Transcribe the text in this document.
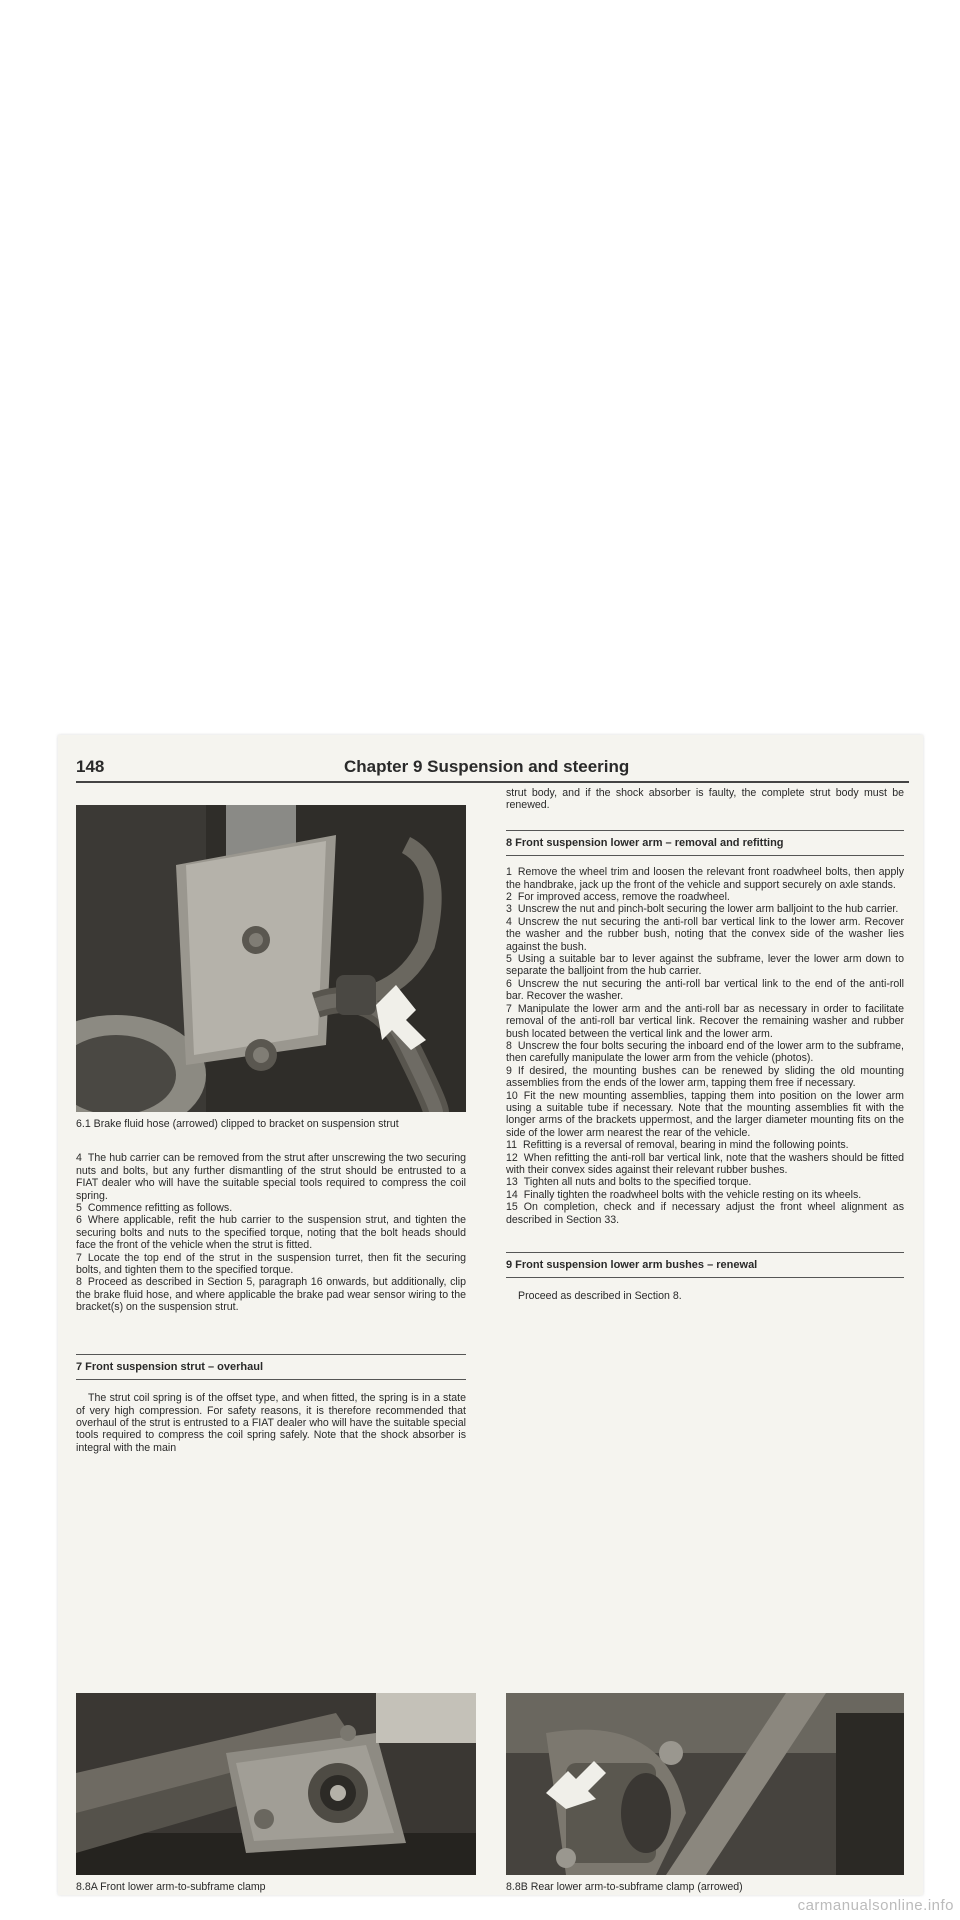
148	Chapter 9 Suspension and steering
6.1 Brake fluid hose (arrowed) clipped to bracket on suspension strut

4 The hub carrier can be removed from the strut after unscrewing the two securing nuts and bolts, but any further dismantling of the strut should be entrusted to a FIAT dealer who will have the suitable special tools required to compress the coil spring.

5 Commence refitting as follows.

6 Where applicable, refit the hub carrier to the suspension strut, and tighten the securing bolts and nuts to the specified torque, noting that the bolt heads should face the front of the vehicle when the strut is fitted.

7 Locate the top end of the strut in the suspension turret, then fit the securing bolts, and tighten them to the specified torque.

8 Proceed as described in Section 5, paragraph 16 onwards, but additionally, clip the brake fluid hose, and where applicable the brake pad wear sensor wiring to the bracket(s) on the suspension strut.

7 Front suspension strut – overhaul

The strut coil spring is of the offset type, and when fitted, the spring is in a state of very high compression. For safety reasons, it is therefore recommended that overhaul of the strut is entrusted to a FIAT dealer who will have the suitable special tools required to compress the coil spring safely. Note that the shock absorber is integral with the main

strut body, and if the shock absorber is faulty, the complete strut body must be renewed.

8 Front suspension lower arm – removal and refitting

1 Remove the wheel trim and loosen the relevant front roadwheel bolts, then apply the handbrake, jack up the front of the vehicle and support securely on axle stands.

2 For improved access, remove the roadwheel.

3 Unscrew the nut and pinch-bolt securing the lower arm balljoint to the hub carrier.

4 Unscrew the nut securing the anti-roll bar vertical link to the lower arm. Recover the washer and the rubber bush, noting that the convex side of the washer lies against the bush.

5 Using a suitable bar to lever against the subframe, lever the lower arm down to separate the balljoint from the hub carrier.

6 Unscrew the nut securing the anti-roll bar vertical link to the end of the anti-roll bar. Recover the washer.

7 Manipulate the lower arm and the anti-roll bar as necessary in order to facilitate removal of the anti-roll bar vertical link. Recover the remaining washer and rubber bush located between the vertical link and the lower arm.

8 Unscrew the four bolts securing the inboard end of the lower arm to the subframe, then carefully manipulate the lower arm from the vehicle (photos).

9 If desired, the mounting bushes can be renewed by sliding the old mounting assemblies from the ends of the lower arm, tapping them free if necessary.

10 Fit the new mounting assemblies, tapping them into position on the lower arm using a suitable tube if necessary. Note that the mounting assemblies fit with the longer arms of the brackets uppermost, and the larger diameter mounting fits on the side of the lower arm nearest the rear of the vehicle.

11 Refitting is a reversal of removal, bearing in mind the following points.

12 When refitting the anti-roll bar vertical link, note that the washers should be fitted with their convex sides against their relevant rubber bushes.

13 Tighten all nuts and bolts to the specified torque.

14 Finally tighten the roadwheel bolts with the vehicle resting on its wheels.

15 On completion, check and if necessary adjust the front wheel alignment as described in Section 33.

9 Front suspension lower arm bushes – renewal

Proceed as described in Section 8.

8.8A Front lower arm-to-subframe clamp	8.8B Rear lower arm-to-subframe clamp (arrowed)
carmanualsonline.info
